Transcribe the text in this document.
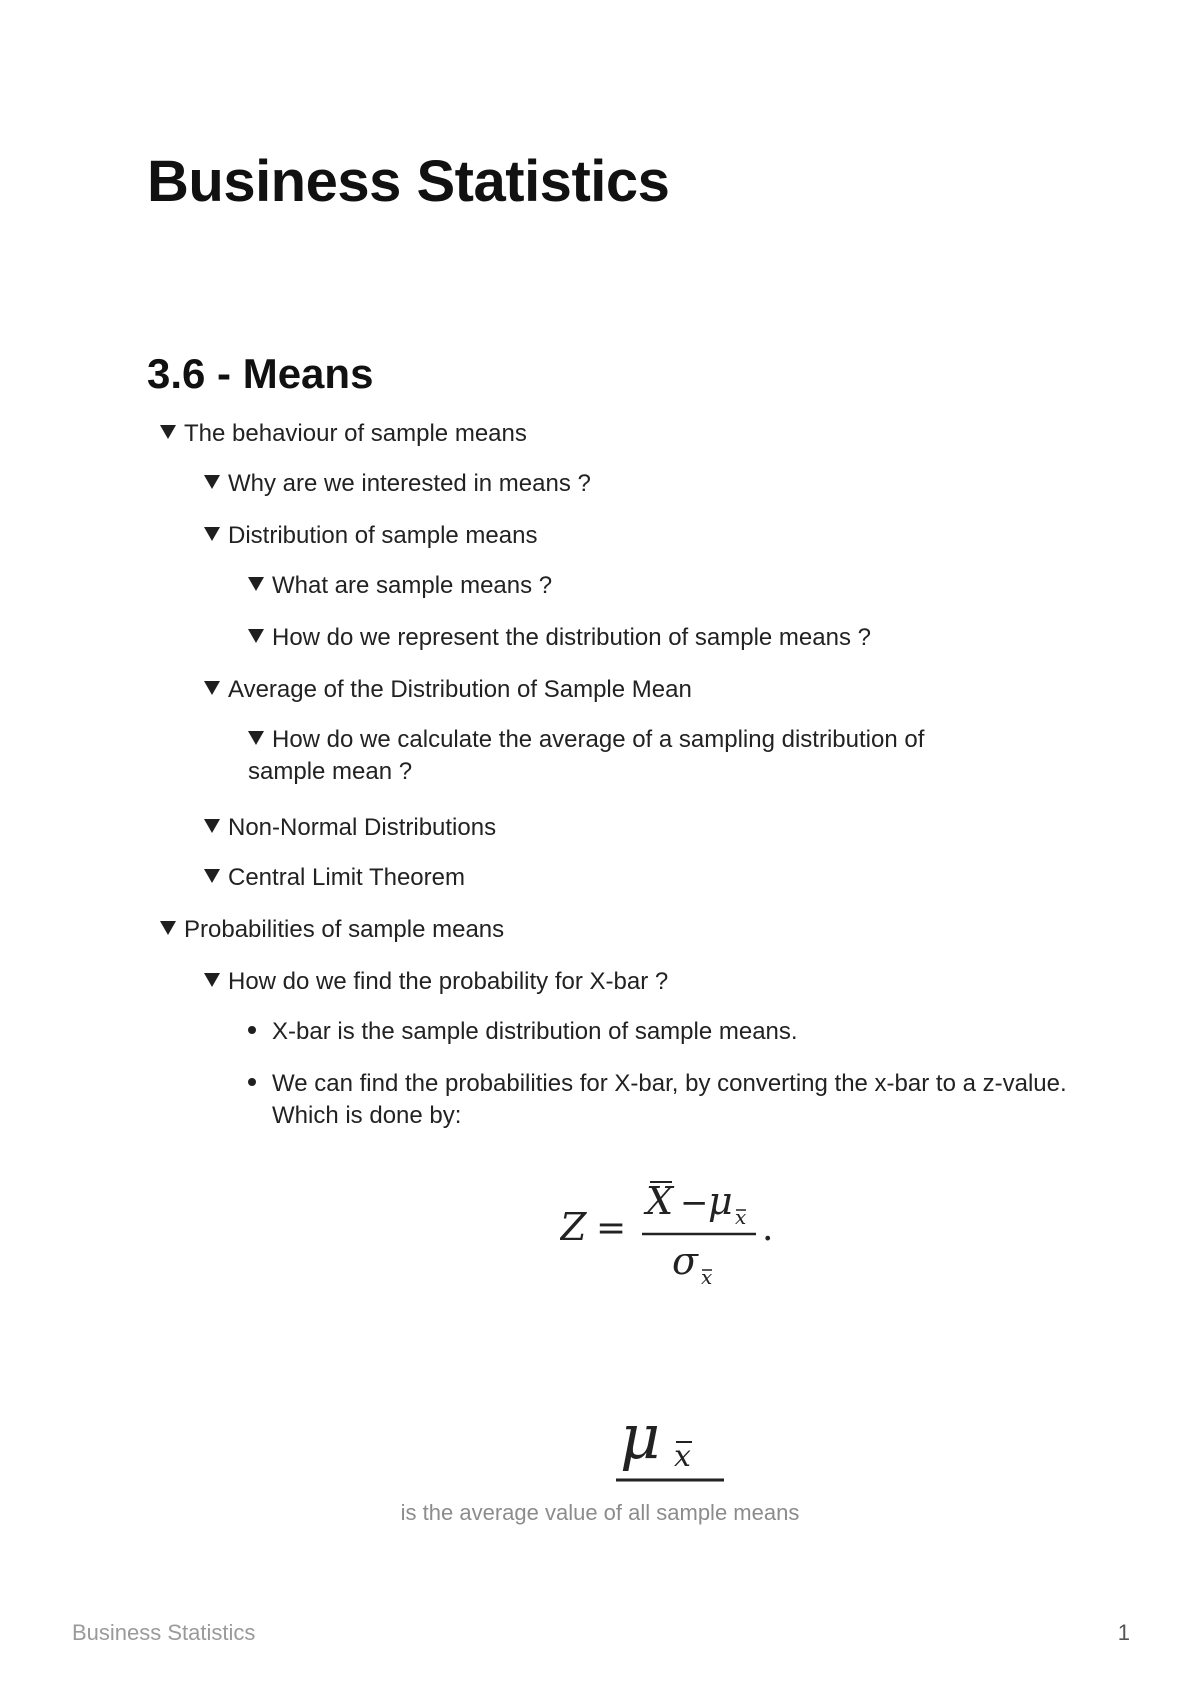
Business Statistics
3.6 - Means
The behaviour of sample means
Why are we interested in means ?
Distribution of sample means
What are sample means ?
How do we represent the distribution of sample means ?
Average of the Distribution of Sample Mean
How do we calculate the average of a sampling distribution of sample mean ?
Non-Normal Distributions
Central Limit Theorem
Probabilities of sample means
How do we find the probability for X-bar ?
X-bar is the sample distribution of sample means.
We can find the probabilities for X-bar, by converting the x-bar to a z-value. Which is done by:
Z =
X − μ x
σ x
.
μ x
is the average value of all sample means
Business Statistics	1
